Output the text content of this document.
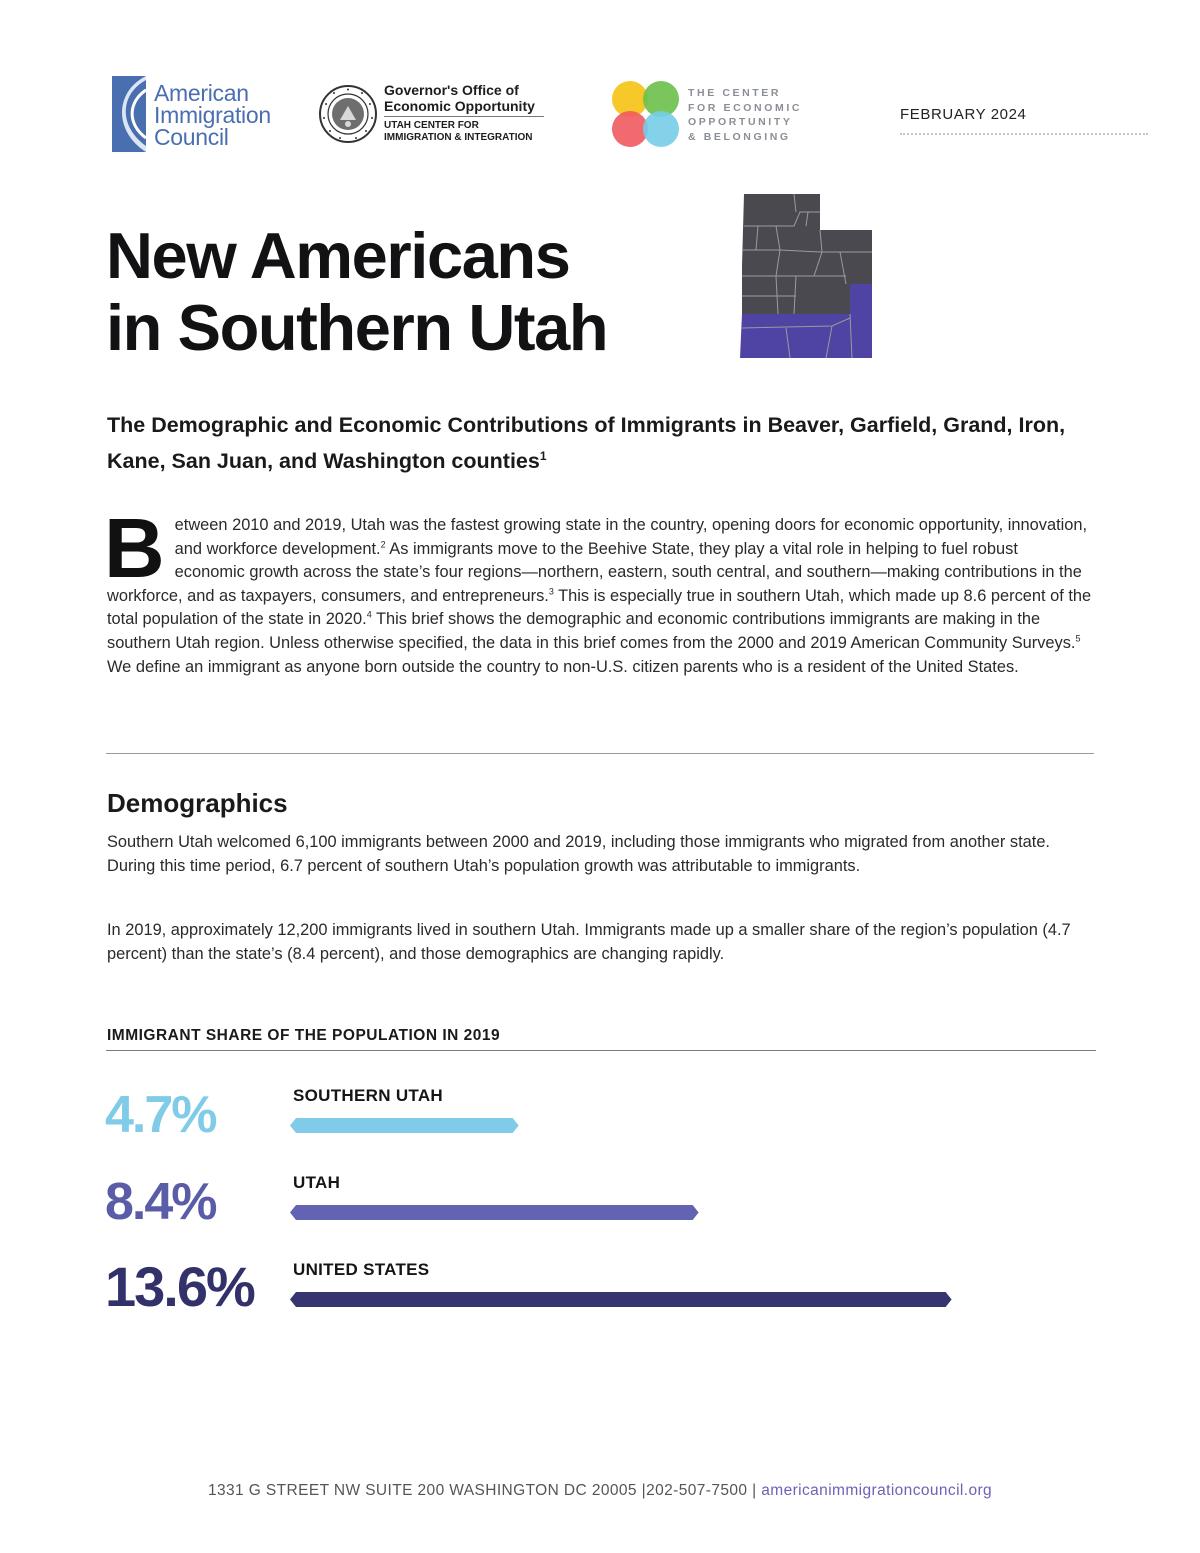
American
Immigration
Council
Governor's Office of
Economic Opportunity
UTAH CENTER FOR
IMMIGRATION & INTEGRATION
THE CENTER
FOR ECONOMIC
OPPORTUNITY
& BELONGING
FEBRUARY 2024
New Americans
in Southern Utah
The Demographic and Economic Contributions of Immigrants in Beaver, Garfield, Grand, Iron, Kane, San Juan, and Washington counties$^1$
Between 2010 and 2019, Utah was the fastest growing state in the country, opening doors for economic opportunity, innovation, and workforce development.$^2$ As immigrants move to the Beehive State, they play a vital role in helping to fuel robust economic growth across the state’s four regions—northern, eastern, south central, and southern—making contributions in the workforce, and as taxpayers, consumers, and entrepreneurs.$^3$ This is especially true in southern Utah, which made up 8.6 percent of the total population of the state in 2020.$^4$ This brief shows the demographic and economic contributions immigrants are making in the southern Utah region. Unless otherwise specified, the data in this brief comes from the 2000 and 2019 American Community Surveys.$^5$ We define an immigrant as anyone born outside the country to non-U.S. citizen parents who is a resident of the United States.
Demographics
Southern Utah welcomed 6,100 immigrants between 2000 and 2019, including those immigrants who migrated from another state. During this time period, 6.7 percent of southern Utah’s population growth was attributable to immigrants.
In 2019, approximately 12,200 immigrants lived in southern Utah. Immigrants made up a smaller share of the region’s population (4.7 percent) than the state’s (8.4 percent), and those demographics are changing rapidly.
IMMIGRANT SHARE OF THE POPULATION IN 2019
4.7%	SOUTHERN UTAH
8.4%	UTAH
13.6% UNITED STATES
1331 G STREET NW SUITE 200 WASHINGTON DC 20005 |202-507-7500 | americanimmigrationcouncil.org
